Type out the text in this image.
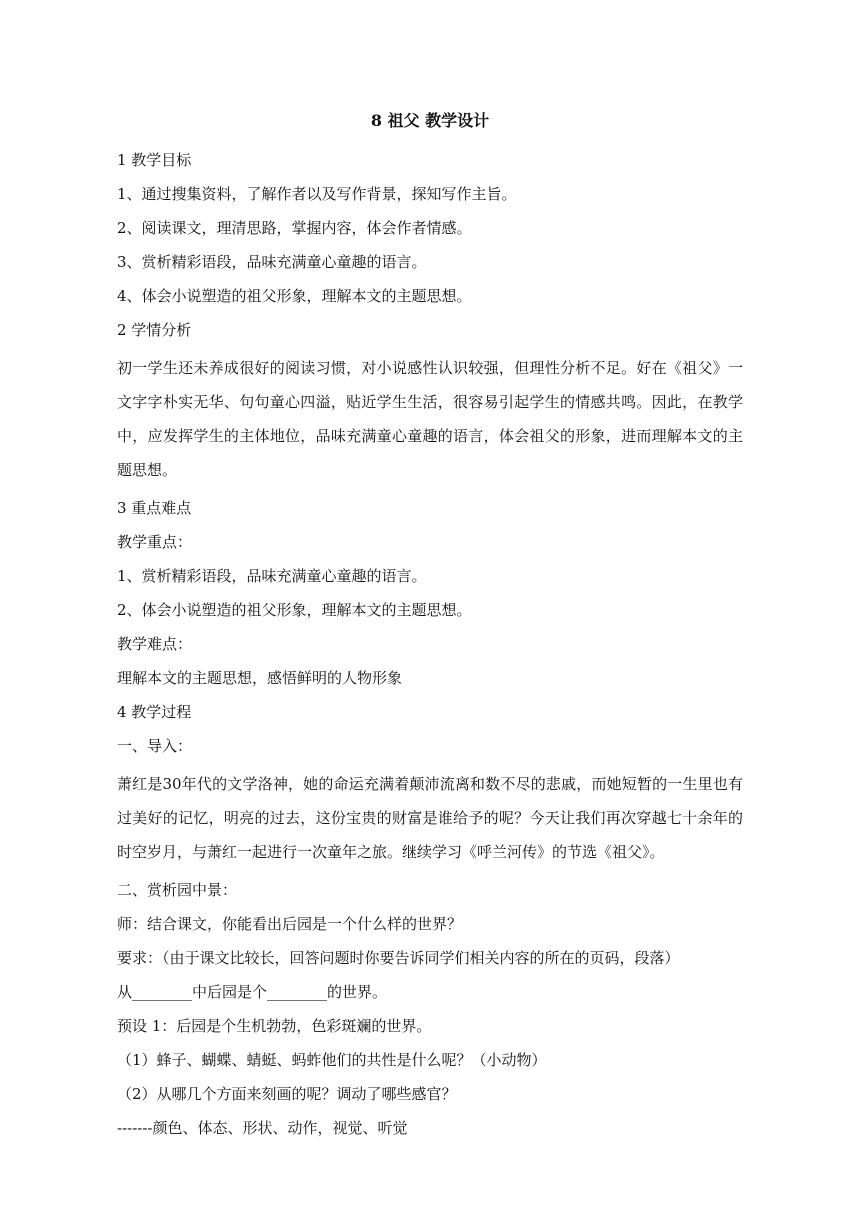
8 祖父 教学设计
1 教学目标
1、通过搜集资料，了解作者以及写作背景，探知写作主旨。
2、阅读课文，理清思路，掌握内容，体会作者情感。
3、赏析精彩语段，品味充满童心童趣的语言。
4、体会小说塑造的祖父形象，理解本文的主题思想。
2 学情分析
初一学生还未养成很好的阅读习惯，对小说感性认识较强，但理性分析不足。好在《祖父》一文字字朴实无华、句句童心四溢，贴近学生生活，很容易引起学生的情感共鸣。因此，在教学中，应发挥学生的主体地位，品味充满童心童趣的语言，体会祖父的形象，进而理解本文的主题思想。
3 重点难点
教学重点：
1、赏析精彩语段，品味充满童心童趣的语言。
2、体会小说塑造的祖父形象，理解本文的主题思想。
教学难点：
理解本文的主题思想，感悟鲜明的人物形象
4 教学过程
一、导入：
萧红是30年代的文学洛神，她的命运充满着颠沛流离和数不尽的悲戚，而她短暂的一生里也有过美好的记忆，明亮的过去，这份宝贵的财富是谁给予的呢？今天让我们再次穿越七十余年的时空岁月，与萧红一起进行一次童年之旅。继续学习《呼兰河传》的节选《祖父》。
二、赏析园中景：
师：结合课文，你能看出后园是一个什么样的世界？
要求：（由于课文比较长，回答问题时你要告诉同学们相关内容的所在的页码，段落）
从________中后园是个________的世界。
预设 1：后园是个生机勃勃，色彩斑斓的世界。
（1）蜂子、蝴蝶、蜻蜓、蚂蚱他们的共性是什么呢？（小动物）
（2）从哪几个方面来刻画的呢？调动了哪些感官？
-------颜色、体态、形状、动作，视觉、听觉
